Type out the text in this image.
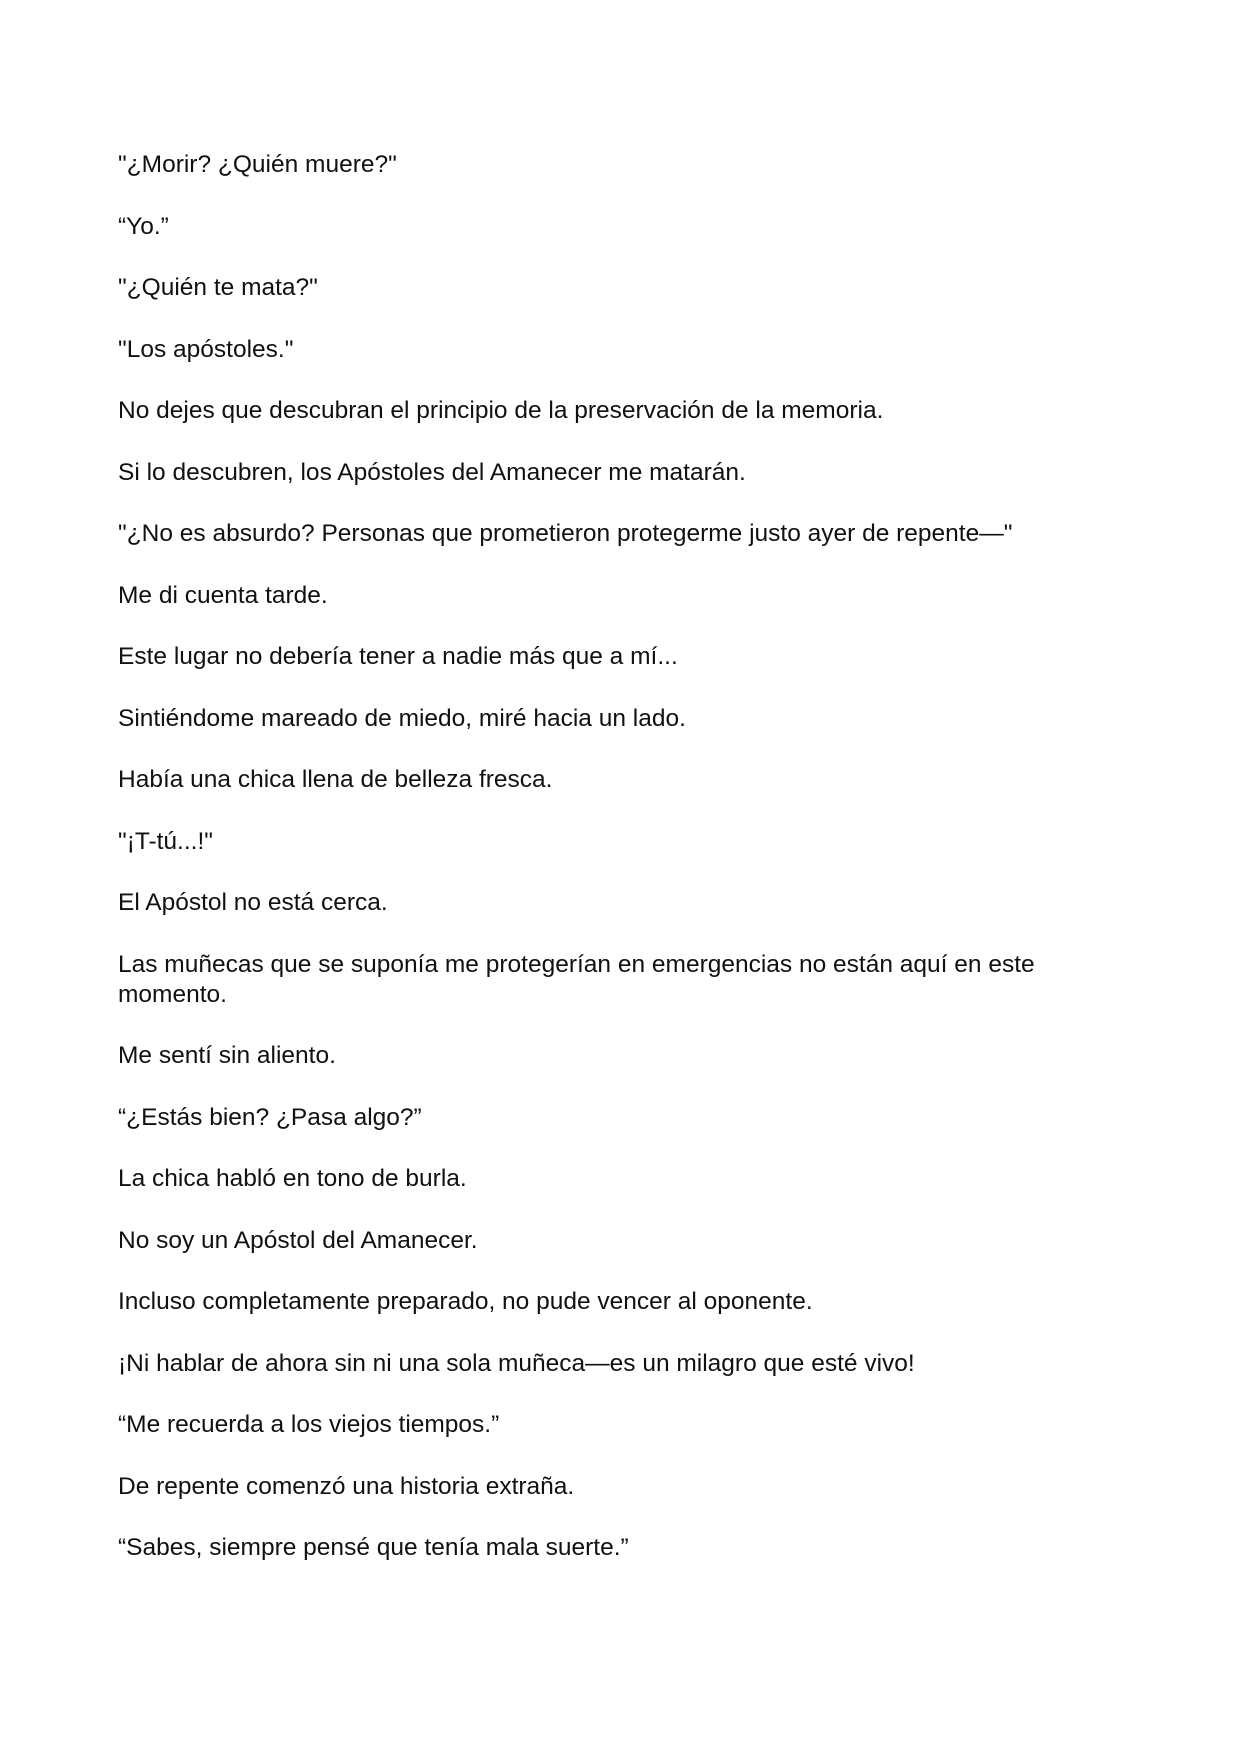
"¿Morir? ¿Quién muere?"

“Yo.”

"¿Quién te mata?"

"Los apóstoles."

No dejes que descubran el principio de la preservación de la memoria.

Si lo descubren, los Apóstoles del Amanecer me matarán.

"¿No es absurdo? Personas que prometieron protegerme justo ayer de repente—"

Me di cuenta tarde.

Este lugar no debería tener a nadie más que a mí...

Sintiéndome mareado de miedo, miré hacia un lado.

Había una chica llena de belleza fresca.

"¡T-tú...!"

El Apóstol no está cerca.

Las muñecas que se suponía me protegerían en emergencias no están aquí en este momento.

Me sentí sin aliento.

“¿Estás bien? ¿Pasa algo?”

La chica habló en tono de burla.

No soy un Apóstol del Amanecer.

Incluso completamente preparado, no pude vencer al oponente.

¡Ni hablar de ahora sin ni una sola muñeca—es un milagro que esté vivo!

“Me recuerda a los viejos tiempos.”

De repente comenzó una historia extraña.

“Sabes, siempre pensé que tenía mala suerte.”
